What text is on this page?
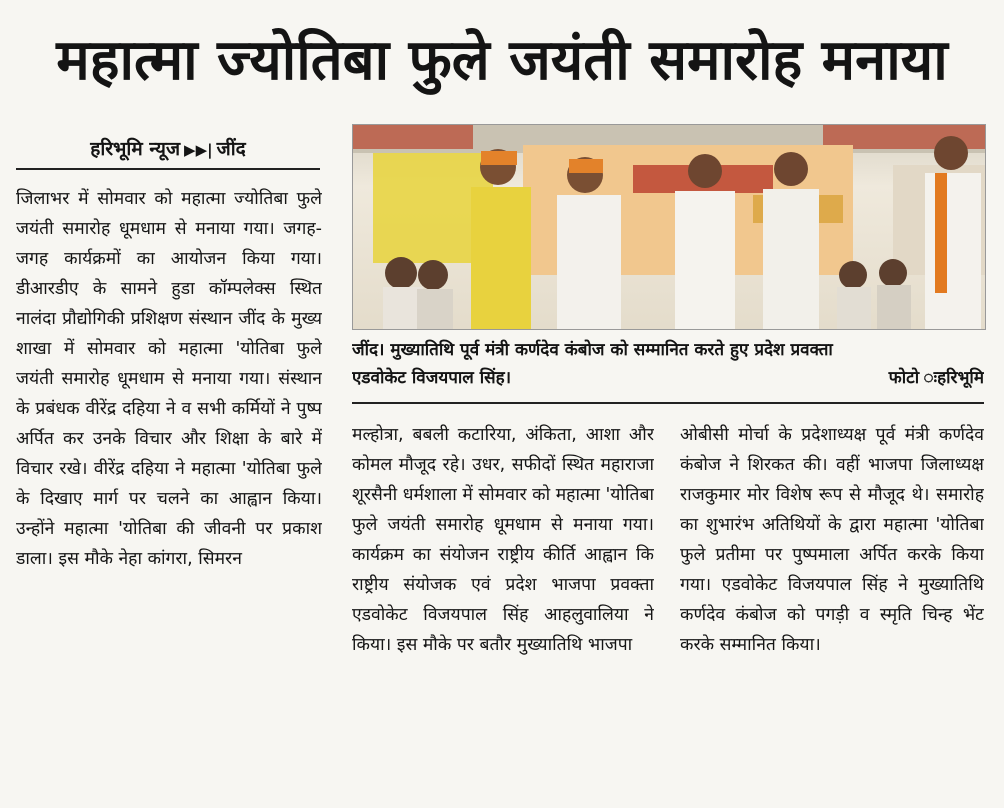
महात्मा ज्योतिबा फुले जयंती समारोह मनाया
हरिभूमि न्यूज ▶▶| जींद

जिलाभर में सोमवार को महात्मा ज्योतिबा फुले जयंती समारोह धूमधाम से मनाया गया। जगह-जगह कार्यक्रमों का आयोजन किया गया। डीआरडीए के सामने हुडा कॉम्पलेक्स स्थित नालंदा प्रौद्योगिकी प्रशिक्षण संस्थान जींद के मुख्य शाखा में सोमवार को महात्मा 'योतिबा फुले जयंती समारोह धूमधाम से मनाया गया। संस्थान के प्रबंधक वीरेंद्र दहिया ने व सभी कर्मियों ने पुष्प अर्पित कर उनके विचार और शिक्षा के बारे में विचार रखे। वीरेंद्र दहिया ने महात्मा 'योतिबा फुले के दिखाए मार्ग पर चलने का आह्वान किया। उन्होंने महात्मा 'योतिबा की जीवनी पर प्रकाश डाला। इस मौके नेहा कांगरा, सिमरन

जींद। मुख्यातिथि पूर्व मंत्री कर्णदेव कंबोज को सम्मानित करते हुए प्रदेश प्रवक्ता
एडवोकेट विजयपाल सिंह।	फोटो ःहरिभूमि

मल्होत्रा, बबली कटारिया, अंकिता, आशा और कोमल मौजूद रहे। उधर, सफीदों स्थित महाराजा शूरसैनी धर्मशाला में सोमवार को महात्मा 'योतिबा फुले जयंती समारोह धूमधाम से मनाया गया। कार्यक्रम का संयोजन राष्ट्रीय कीर्ति आह्वान कि राष्ट्रीय संयोजक एवं प्रदेश भाजपा प्रवक्ता एडवोकेट विजयपाल सिंह आहलुवालिया ने किया। इस मौके पर बतौर मुख्यातिथि भाजपा

ओबीसी मोर्चा के प्रदेशाध्यक्ष पूर्व मंत्री कर्णदेव कंबोज ने शिरकत की। वहीं भाजपा जिलाध्यक्ष राजकुमार मोर विशेष रूप से मौजूद थे। समारोह का शुभारंभ अतिथियों के द्वारा महात्मा 'योतिबा फुले प्रतीमा पर पुष्पमाला अर्पित करके किया गया। एडवोकेट विजयपाल सिंह ने मुख्यातिथि कर्णदेव कंबोज को पगड़ी व स्मृति चिन्ह भेंट करके सम्मानित किया।
